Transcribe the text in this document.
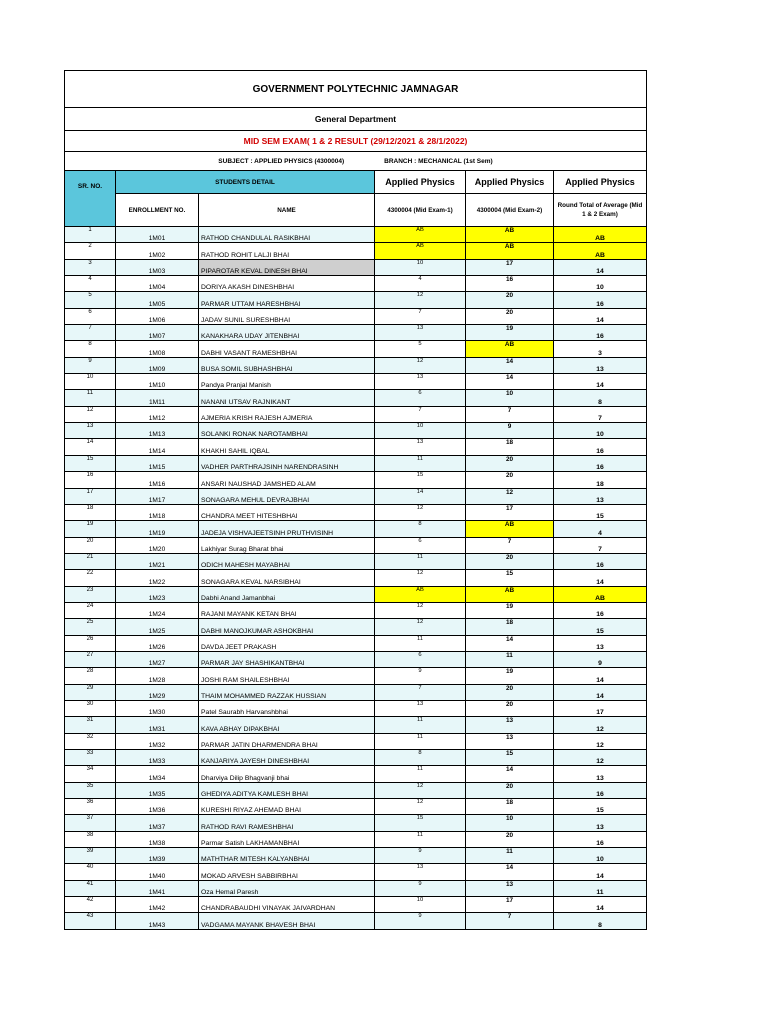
GOVERNMENT POLYTECHNIC JAMNAGAR					
General Department					
MID SEM EXAM( 1 & 2 RESULT (29/12/2021 & 28/1/2022)					
SUBJECT : APPLIED PHYSICS (4300004) BRANCH : MECHANICAL (1st Sem)					
SR. NO.	STUDENTS DETAIL		Applied Physics	Applied Physics	Applied Physics
	ENROLLMENT NO.	NAME	4300004 (Mid Exam-1)	4300004 (Mid Exam-2)	Round Total of Average (Mid 1 & 2 Exam)
1	1M01	RATHOD CHANDULAL RASIKBHAI	AB	AB	AB
2	1M02	RATHOD ROHIT LALJI BHAI	AB	AB	AB
3	1M03	PIPAROTAR KEVAL DINESH BHAI	10	17	14
4	1M04	DORIYA AKASH DINESHBHAI	4	16	10
5	1M05	PARMAR UTTAM HARESHBHAI	12	20	16
6	1M06	JADAV SUNIL SURESHBHAI	7	20	14
7	1M07	KANAKHARA UDAY JITENBHAI	13	19	16
8	1M08	DABHI VASANT RAMESHBHAI	5	AB	3
9	1M09	BUSA SOMIL SUBHASHBHAI	12	14	13
10	1M10	Pandya Pranjal Manish	13	14	14
11	1M11	NANANI UTSAV RAJNIKANT	6	10	8
12	1M12	AJMERIA KRISH RAJESH AJMERIA	7	7	7
13	1M13	SOLANKI RONAK NAROTAMBHAI	10	9	10
14	1M14	KHAKHI SAHIL IQBAL	13	18	16
15	1M15	VADHER PARTHRAJSINH NARENDRASINH	11	20	16
16	1M16	ANSARI NAUSHAD JAMSHED ALAM	15	20	18
17	1M17	SONAGARA MEHUL DEVRAJBHAI	14	12	13
18	1M18	CHANDRA MEET HITESHBHAI	12	17	15
19	1M19	JADEJA VISHVAJEETSINH PRUTHVISINH	8	AB	4
20	1M20	Lakhiyar Surag Bharat bhai	6	7	7
21	1M21	ODICH MAHESH MAYABHAI	11	20	16
22	1M22	SONAGARA KEVAL NARSIBHAI	12	15	14
23	1M23	Dabhi Anand Jamanbhai	AB	AB	AB
24	1M24	RAJANI MAYANK KETAN BHAI	12	19	16
25	1M25	DABHI MANOJKUMAR ASHOKBHAI	12	18	15
26	1M26	DAVDA JEET PRAKASH	11	14	13
27	1M27	PARMAR JAY SHASHIKANTBHAI	6	11	9
28	1M28	JOSHI RAM SHAILESHBHAI	9	19	14
29	1M29	THAIM MOHAMMED RAZZAK HUSSIAN	7	20	14
30	1M30	Patel Saurabh Harvanshbhai	13	20	17
31	1M31	KAVA ABHAY DIPAKBHAI	11	13	12
32	1M32	PARMAR JATIN DHARMENDRA BHAI	11	13	12
33	1M33	KANJARIYA JAYESH DINESHBHAI	8	15	12
34	1M34	Dharviya Dilip Bhagvanji bhai	11	14	13
35	1M35	GHEDIYA ADITYA KAMLESH BHAI	12	20	16
36	1M36	KURESHI RIYAZ AHEMAD BHAI	12	18	15
37	1M37	RATHOD RAVI RAMESHBHAI	15	10	13
38	1M38	Parmar Satish LAKHAMANBHAI	11	20	16
39	1M39	MATHTHAR MITESH KALYANBHAI	9	11	10
40	1M40	MOKAD ARVESH SABBIRBHAI	13	14	14
41	1M41	Oza Hemal Paresh	9	13	11
42	1M42	CHANDRABAUDHI VINAYAK JAIVARDHAN	10	17	14
43	1M43	VADGAMA MAYANK BHAVESH BHAI	9	7	8
